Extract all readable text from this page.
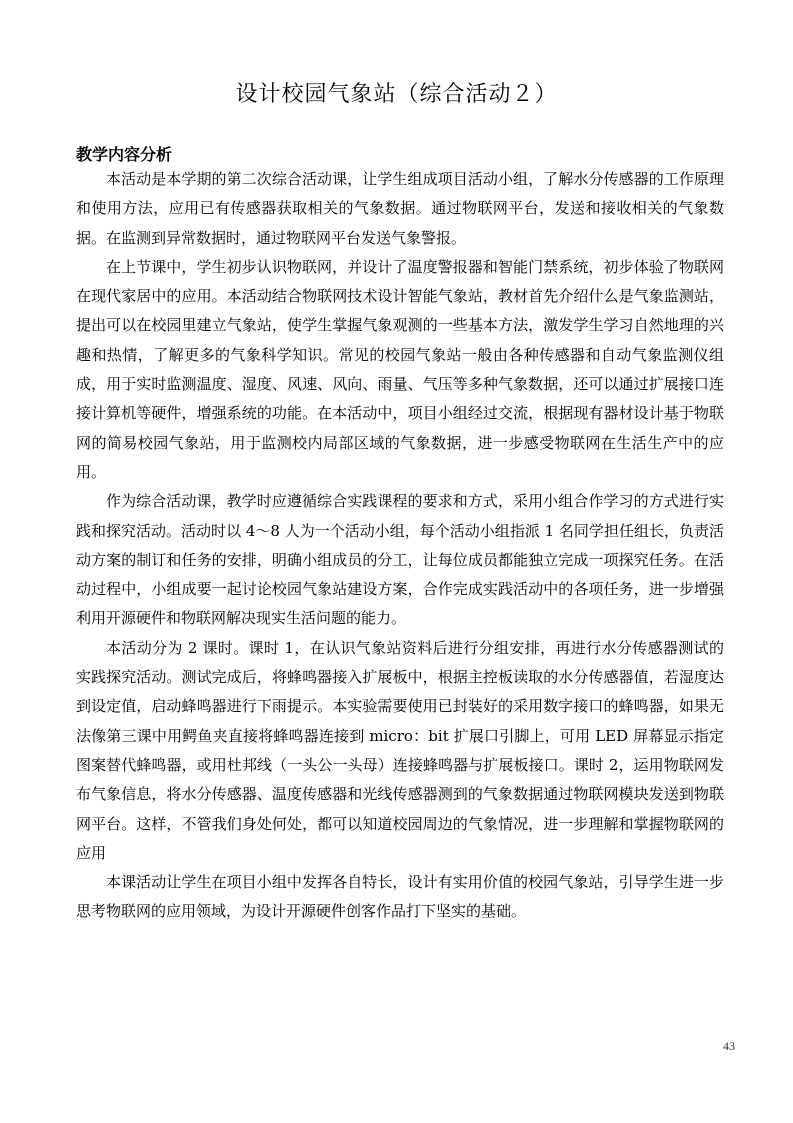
设计校园气象站（综合活动２）
教学内容分析

本活动是本学期的第二次综合活动课，让学生组成项目活动小组，了解水分传感器的工作原理和使用方法，应用已有传感器获取相关的气象数据。通过物联网平台，发送和接收相关的气象数据。在监测到异常数据时，通过物联网平台发送气象警报。

在上节课中，学生初步认识物联网，并设计了温度警报器和智能门禁系统，初步体验了物联网在现代家居中的应用。本活动结合物联网技术设计智能气象站，教材首先介绍什么是气象监测站，提出可以在校园里建立气象站，使学生掌握气象观测的一些基本方法，激发学生学习自然地理的兴趣和热情，了解更多的气象科学知识。常见的校园气象站一般由各种传感器和自动气象监测仪组成，用于实时监测温度、湿度、风速、风向、雨量、气压等多种气象数据，还可以通过扩展接口连接计算机等硬件，增强系统的功能。在本活动中，项目小组经过交流，根据现有器材设计基于物联网的简易校园气象站，用于监测校内局部区域的气象数据，进一步感受物联网在生活生产中的应用。

作为综合活动课，教学时应遵循综合实践课程的要求和方式，采用小组合作学习的方式进行实践和探究活动。活动时以 4～8 人为一个活动小组，每个活动小组指派 1 名同学担任组长，负责活动方案的制订和任务的安排，明确小组成员的分工，让每位成员都能独立完成一项探究任务。在活动过程中，小组成要一起讨论校园气象站建设方案，合作完成实践活动中的各项任务，进一步增强利用开源硬件和物联网解决现实生活问题的能力。

本活动分为 2 课时。课时 1，在认识气象站资料后进行分组安排，再进行水分传感器测试的实践探究活动。测试完成后，将蜂鸣器接入扩展板中，根据主控板读取的水分传感器值，若湿度达到设定值，启动蜂鸣器进行下雨提示。本实验需要使用已封装好的采用数字接口的蜂鸣器，如果无法像第三课中用鳄鱼夹直接将蜂鸣器连接到 micro：bit 扩展口引脚上，可用 LED 屏幕显示指定图案替代蜂鸣器，或用杜邦线（一头公一头母）连接蜂鸣器与扩展板接口。课时 2，运用物联网发布气象信息，将水分传感器、温度传感器和光线传感器测到的气象数据通过物联网模块发送到物联网平台。这样，不管我们身处何处，都可以知道校园周边的气象情况，进一步理解和掌握物联网的应用

本课活动让学生在项目小组中发挥各自特长，设计有实用价值的校园气象站，引导学生进一步思考物联网的应用领域，为设计开源硬件创客作品打下坚实的基础。

43
